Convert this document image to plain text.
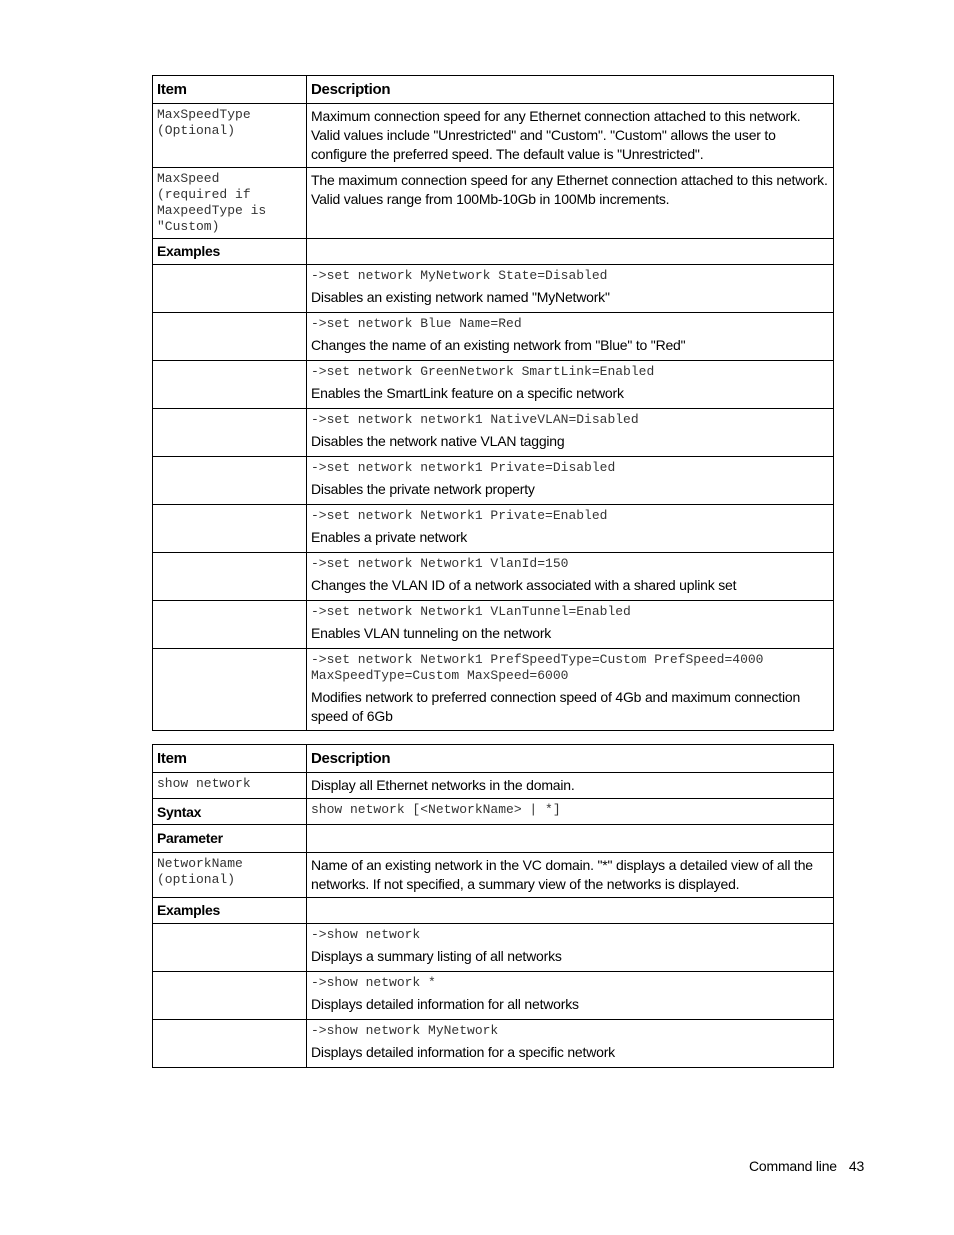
Item	Description

MaxSpeedType
(Optional)	Maximum connection speed for any Ethernet connection attached to this network. Valid values include "Unrestricted" and "Custom". "Custom" allows the user to configure the preferred speed. The default value is "Unrestricted".

MaxSpeed
(required if
MaxpeedType is
"Custom)	The maximum connection speed for any Ethernet connection attached to this network. Valid values range from 100Mb-10Gb in 100Mb increments.

Examples	

	->set network MyNetwork State=Disabled
Disables an existing network named "MyNetwork"

	->set network Blue Name=Red
Changes the name of an existing network from "Blue" to "Red"

	->set network GreenNetwork SmartLink=Enabled
Enables the SmartLink feature on a specific network

	->set network network1 NativeVLAN=Disabled
Disables the network native VLAN tagging

	->set network network1 Private=Disabled
Disables the private network property

	->set network Network1 Private=Enabled
Enables a private network

	->set network Network1 VlanId=150
Changes the VLAN ID of a network associated with a shared uplink set

	->set network Network1 VLanTunnel=Enabled
Enables VLAN tunneling on the network

	->set network Network1 PrefSpeedType=Custom PrefSpeed=4000
MaxSpeedType=Custom MaxSpeed=6000
Modifies network to preferred connection speed of 4Gb and maximum connection speed of 6Gb
Item	Description

show network	Display all Ethernet networks in the domain.

Syntax	show network [<NetworkName> | *]

Parameter	

NetworkName
(optional)	Name of an existing network in the VC domain. "*" displays a detailed view of all the networks. If not specified, a summary view of the networks is displayed.

Examples	

	->show network
Displays a summary listing of all networks

	->show network *
Displays detailed information for all networks

	->show network MyNetwork
Displays detailed information for a specific network
Command line 43
